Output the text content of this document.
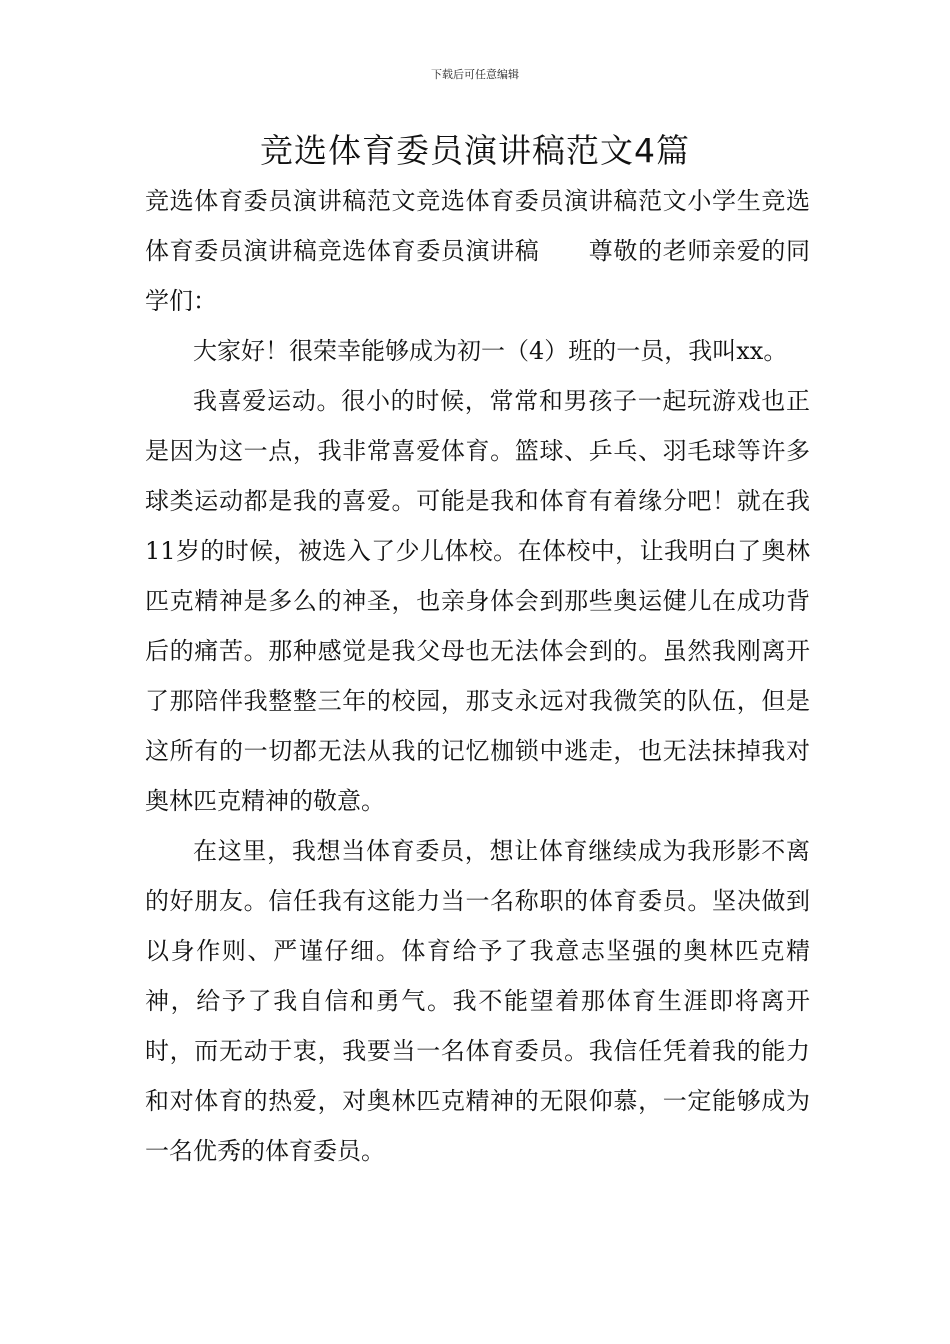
下载后可任意编辑
竞选体育委员演讲稿范文4篇

竞选体育委员演讲稿范文竞选体育委员演讲稿范文小学生竞选体育委员演讲稿竞选体育委员演讲稿　　尊敬的老师亲爱的同学们：

大家好！很荣幸能够成为初一（4）班的一员，我叫xx。

我喜爱运动。很小的时候，常常和男孩子一起玩游戏也正是因为这一点，我非常喜爱体育。篮球、乒乓、羽毛球等许多球类运动都是我的喜爱。可能是我和体育有着缘分吧！就在我11岁的时候，被选入了少儿体校。在体校中，让我明白了奥林匹克精神是多么的神圣，也亲身体会到那些奥运健儿在成功背后的痛苦。那种感觉是我父母也无法体会到的。虽然我刚离开了那陪伴我整整三年的校园，那支永远对我微笑的队伍，但是这所有的一切都无法从我的记忆枷锁中逃走，也无法抹掉我对奥林匹克精神的敬意。

在这里，我想当体育委员，想让体育继续成为我形影不离的好朋友。信任我有这能力当一名称职的体育委员。坚决做到以身作则、严谨仔细。体育给予了我意志坚强的奥林匹克精神，给予了我自信和勇气。我不能望着那体育生涯即将离开时，而无动于衷，我要当一名体育委员。我信任凭着我的能力和对体育的热爱，对奥林匹克精神的无限仰慕，一定能够成为一名优秀的体育委员。
